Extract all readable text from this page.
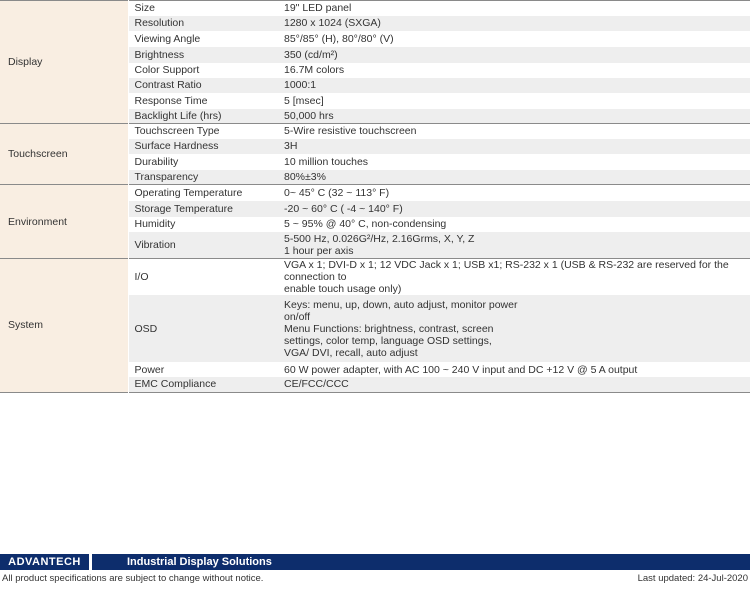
Display	Size	19" LED panel
	Resolution	1280 x 1024 (SXGA)
	Viewing Angle	85°/85° (H), 80°/80° (V)
	Brightness	350 (cd/m²)
	Color Support	16.7M colors
	Contrast Ratio	1000:1
	Response Time	5 [msec]
	Backlight Life (hrs)	50,000 hrs
Touchscreen	Touchscreen Type	5-Wire resistive touchscreen
	Surface Hardness	3H
	Durability	10 million touches
	Transparency	80%±3%
Environment	Operating Temperature	0~ 45° C (32 ~ 113° F)
	Storage Temperature	-20 ~ 60° C ( -4 ~ 140° F)
	Humidity	5 ~ 95% @ 40° C, non-condensing
	Vibration	5-500 Hz, 0.026G²/Hz, 2.16Grms, X, Y, Z
1 hour per axis
System	I/O	VGA x 1; DVI-D x 1; 12 VDC Jack x 1; USB x1; RS-232 x 1 (USB & RS-232 are reserved for the connection to
enable touch usage only)
	OSD	Keys: menu, up, down, auto adjust, monitor power
on/off
Menu Functions: brightness, contrast, screen
settings, color temp, language OSD settings,
VGA/ DVI, recall, auto adjust
	Power	60 W power adapter, with AC 100 ~ 240 V input and DC +12 V @ 5 A output
	EMC Compliance	CE/FCC/CCC
ADVANTECH	Industrial Display Solutions
All product specifications are subject to change without notice.	Last updated: 24-Jul-2020
